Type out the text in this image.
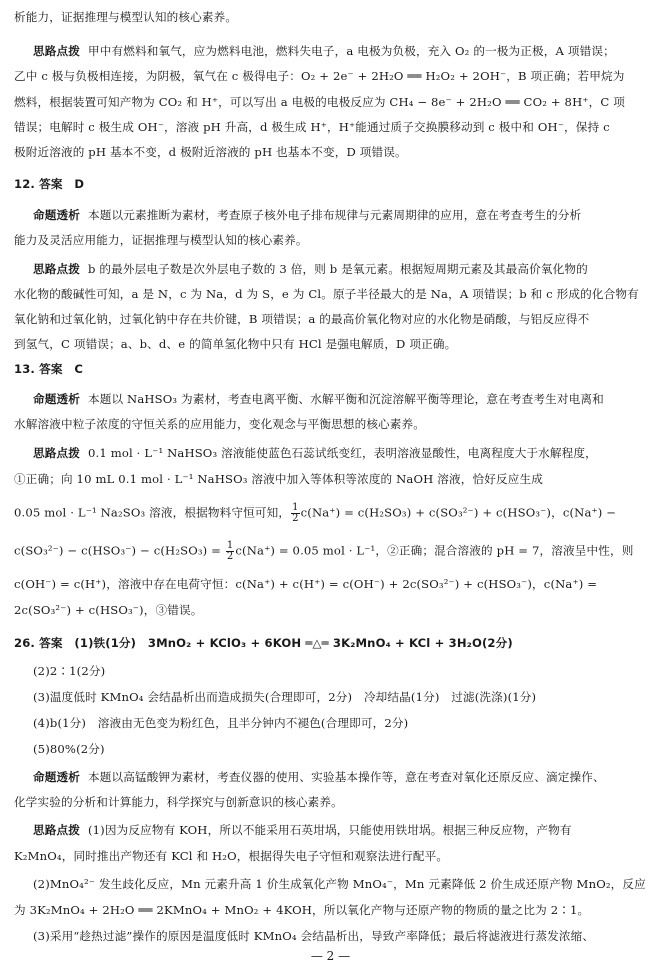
析能力，证据推理与模型认知的核心素养。
思路点拨 甲中有燃料和氧气，应为燃料电池，燃料失电子，a 电极为负极，充入 O₂ 的一极为正极，A 项错误；
乙中 c 极与负极相连接，为阴极，氧气在 c 极得电子：O₂ + 2e⁻ + 2H₂O ══ H₂O₂ + 2OH⁻，B 项正确；若甲烷为
燃料，根据装置可知产物为 CO₂ 和 H⁺，可以写出 a 电极的电极反应为 CH₄ − 8e⁻ + 2H₂O ══ CO₂ + 8H⁺，C 项
错误；电解时 c 极生成 OH⁻，溶液 pH 升高，d 极生成 H⁺，H⁺能通过质子交换膜移动到 c 极中和 OH⁻，保持 c
极附近溶液的 pH 基本不变，d 极附近溶液的 pH 也基本不变，D 项错误。
12. 答案　D
命题透析 本题以元素推断为素材，考查原子核外电子排布规律与元素周期律的应用，意在考查考生的分析
能力及灵活应用能力，证据推理与模型认知的核心素养。
思路点拨 b 的最外层电子数是次外层电子数的 3 倍，则 b 是氧元素。根据短周期元素及其最高价氧化物的
水化物的酸碱性可知，a 是 N，c 为 Na，d 为 S，e 为 Cl。原子半径最大的是 Na，A 项错误；b 和 c 形成的化合物有
氧化钠和过氧化钠，过氧化钠中存在共价键，B 项错误；a 的最高价氧化物对应的水化物是硝酸，与铝反应得不
到氢气，C 项错误；a、b、d、e 的简单氢化物中只有 HCl 是强电解质，D 项正确。
13. 答案　C
命题透析 本题以 NaHSO₃ 为素材，考查电离平衡、水解平衡和沉淀溶解平衡等理论，意在考查考生对电离和
水解溶液中粒子浓度的守恒关系的应用能力，变化观念与平衡思想的核心素养。
思路点拨 0.1 mol · L⁻¹ NaHSO₃ 溶液能使蓝色石蕊试纸变红，表明溶液显酸性，电离程度大于水解程度，
①正确；向 10 mL 0.1 mol · L⁻¹ NaHSO₃ 溶液中加入等体积等浓度的 NaOH 溶液，恰好反应生成
0.05 mol · L⁻¹ Na₂SO₃ 溶液，根据物料守恒可知， $\frac{1}{2} c(Na^+) = c(H_2SO_3) + c(SO_3^{2-}) + c(HSO_3^-)$，c(Na⁺) −
$c(SO_3^{2-}) - c(HSO_3^-) - c(H_2SO_3) = \frac{1}{2} c(Na^+) = 0.05$ mol · L⁻¹，②正确；混合溶液的 pH = 7，溶液呈中性，则
c(OH⁻) = c(H⁺)，溶液中存在电荷守恒：c(Na⁺) + c(H⁺) = c(OH⁻) + 2c(SO₃²⁻) + c(HSO₃⁻)，c(Na⁺) =
2c(SO₃²⁻) + c(HSO₃⁻)，③错误。
26. 答案　(1)铁(1分)　3MnO₂ + KClO₃ + 6KOH ═△═ 3K₂MnO₄ + KCl + 3H₂O(2分)
(2)2∶1(2分)
(3)温度低时 KMnO₄ 会结晶析出而造成损失(合理即可，2分)　冷却结晶(1分)　过滤(洗涤)(1分)
(4)b(1分)　溶液由无色变为粉红色，且半分钟内不褪色(合理即可，2分)
(5)80%(2分)
命题透析 本题以高锰酸钾为素材，考查仪器的使用、实验基本操作等，意在考查对氧化还原反应、滴定操作、
化学实验的分析和计算能力，科学探究与创新意识的核心素养。
思路点拨 (1)因为反应物有 KOH，所以不能采用石英坩埚，只能使用铁坩埚。根据三种反应物，产物有
K₂MnO₄，同时推出产物还有 KCl 和 H₂O，根据得失电子守恒和观察法进行配平。
(2)MnO₄²⁻ 发生歧化反应，Mn 元素升高 1 价生成氧化产物 MnO₄⁻，Mn 元素降低 2 价生成还原产物 MnO₂，反应
为 3K₂MnO₄ + 2H₂O ══ 2KMnO₄ + MnO₂ + 4KOH，所以氧化产物与还原产物的物质的量之比为 2∶1。
(3)采用“趁热过滤”操作的原因是温度低时 KMnO₄ 会结晶析出，导致产率降低；最后将滤液进行蒸发浓缩、
— 2 —
